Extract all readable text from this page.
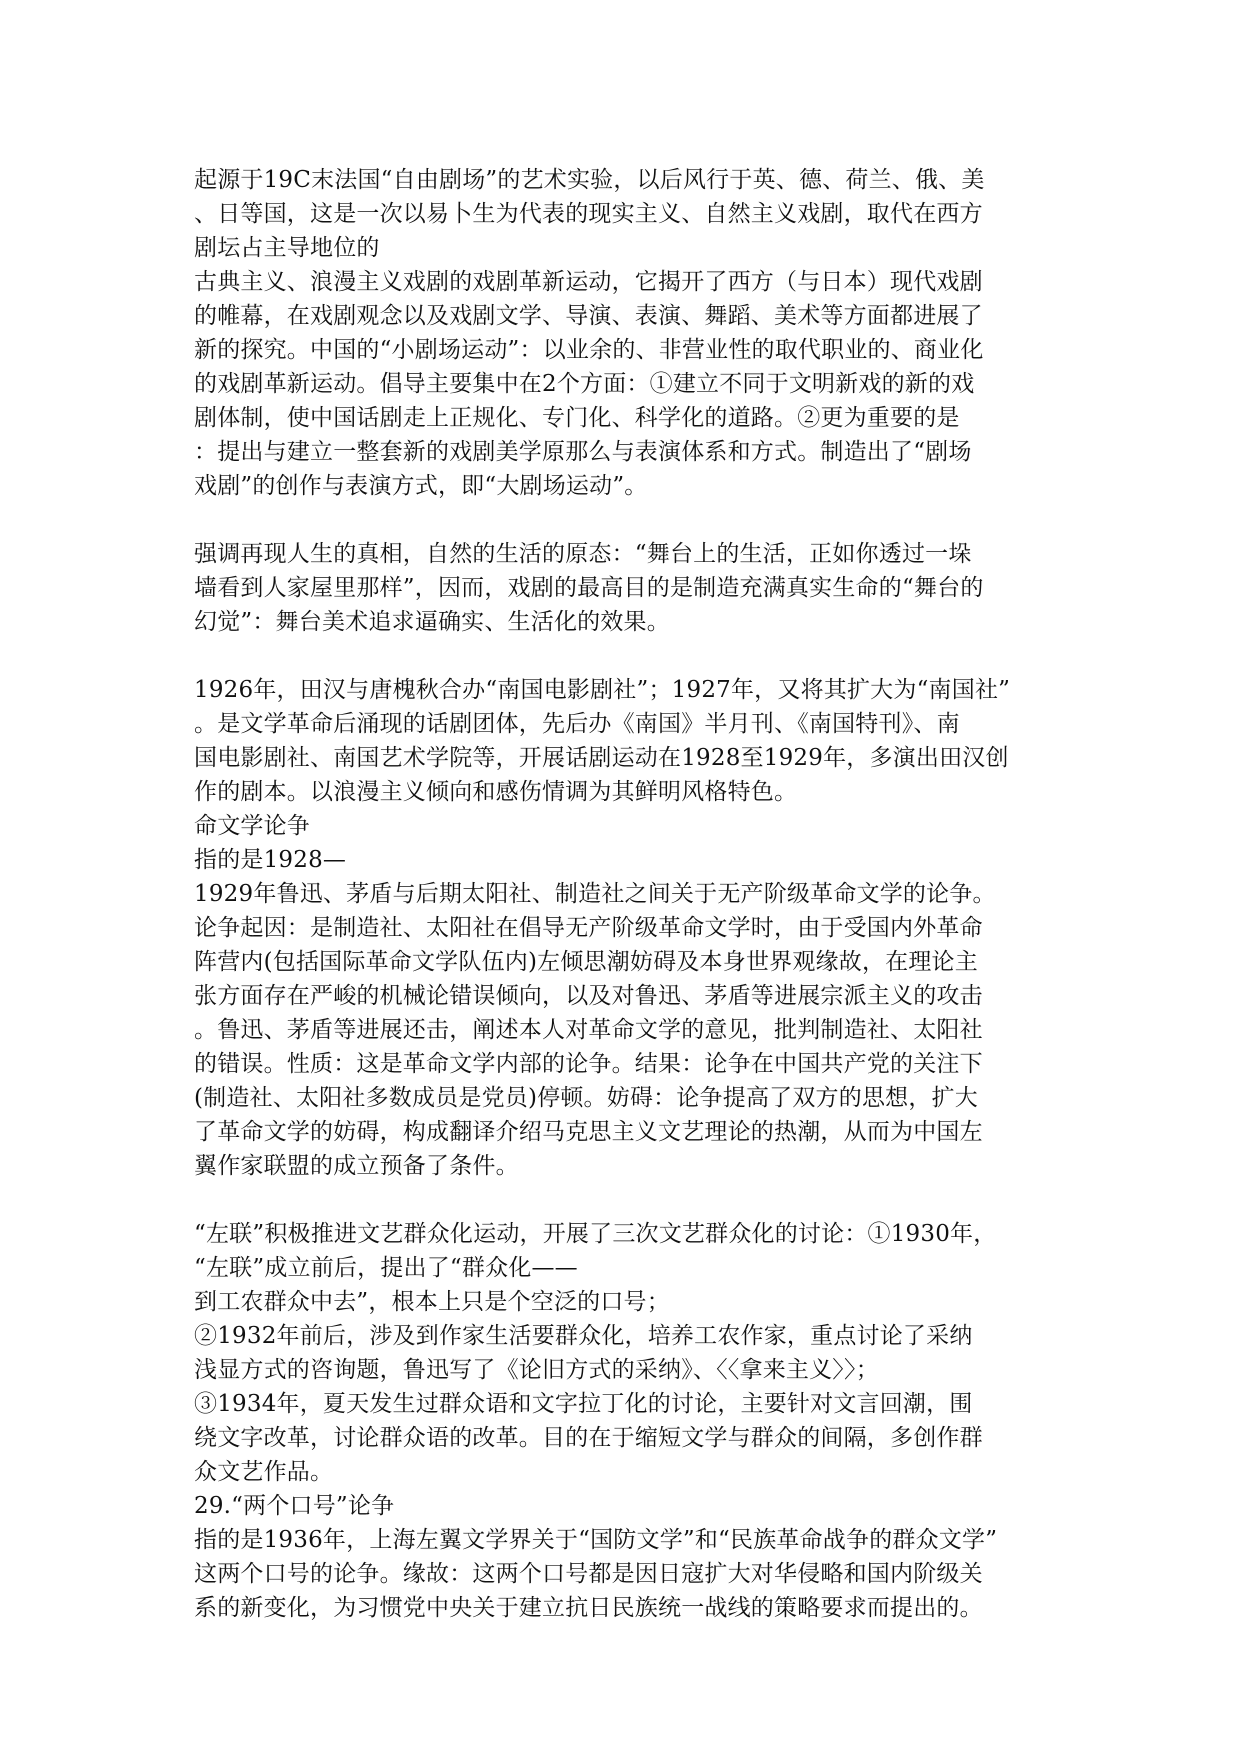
起源于19C末法国“自由剧场”的艺术实验，以后风行于英、德、荷兰、俄、美
、日等国，这是一次以易卜生为代表的现实主义、自然主义戏剧，取代在西方
剧坛占主导地位的
古典主义、浪漫主义戏剧的戏剧革新运动，它揭开了西方（与日本）现代戏剧
的帷幕，在戏剧观念以及戏剧文学、导演、表演、舞蹈、美术等方面都进展了
新的探究。中国的“小剧场运动”：以业余的、非营业性的取代职业的、商业化
的戏剧革新运动。倡导主要集中在2个方面：①建立不同于文明新戏的新的戏
剧体制，使中国话剧走上正规化、专门化、科学化的道路。②更为重要的是
：提出与建立一整套新的戏剧美学原那么与表演体系和方式。制造出了“剧场
戏剧”的创作与表演方式，即“大剧场运动”。
强调再现人生的真相，自然的生活的原态：“舞台上的生活，正如你透过一垛
墙看到人家屋里那样”，因而，戏剧的最高目的是制造充满真实生命的“舞台的
幻觉”：舞台美术追求逼确实、生活化的效果。
1926年，田汉与唐槐秋合办“南国电影剧社”；1927年，又将其扩大为“南国社”
。是文学革命后涌现的话剧团体，先后办《南国》半月刊、《南国特刊》、南
国电影剧社、南国艺术学院等，开展话剧运动在1928至1929年，多演出田汉创
作的剧本。以浪漫主义倾向和感伤情调为其鲜明风格特色。
命文学论争
指的是1928—
1929年鲁迅、茅盾与后期太阳社、制造社之间关于无产阶级革命文学的论争。
论争起因：是制造社、太阳社在倡导无产阶级革命文学时，由于受国内外革命
阵营内(包括国际革命文学队伍内)左倾思潮妨碍及本身世界观缘故，在理论主
张方面存在严峻的机械论错误倾向，以及对鲁迅、茅盾等进展宗派主义的攻击
。鲁迅、茅盾等进展还击，阐述本人对革命文学的意见，批判制造社、太阳社
的错误。性质：这是革命文学内部的论争。结果：论争在中国共产党的关注下
(制造社、太阳社多数成员是党员)停顿。妨碍：论争提高了双方的思想，扩大
了革命文学的妨碍，构成翻译介绍马克思主义文艺理论的热潮，从而为中国左
翼作家联盟的成立预备了条件。
“左联”积极推进文艺群众化运动，开展了三次文艺群众化的讨论：①1930年，
“左联”成立前后，提出了“群众化——
到工农群众中去”，根本上只是个空泛的口号；
②1932年前后，涉及到作家生活要群众化，培养工农作家，重点讨论了采纳
浅显方式的咨询题，鲁迅写了《论旧方式的采纳》、〈〈拿来主义〉〉；
③1934年，夏天发生过群众语和文字拉丁化的讨论，主要针对文言回潮，围
绕文字改革，讨论群众语的改革。目的在于缩短文学与群众的间隔，多创作群
众文艺作品。
29.“两个口号”论争
指的是1936年，上海左翼文学界关于“国防文学”和“民族革命战争的群众文学”
这两个口号的论争。缘故：这两个口号都是因日寇扩大对华侵略和国内阶级关
系的新变化，为习惯党中央关于建立抗日民族统一战线的策略要求而提出的。
